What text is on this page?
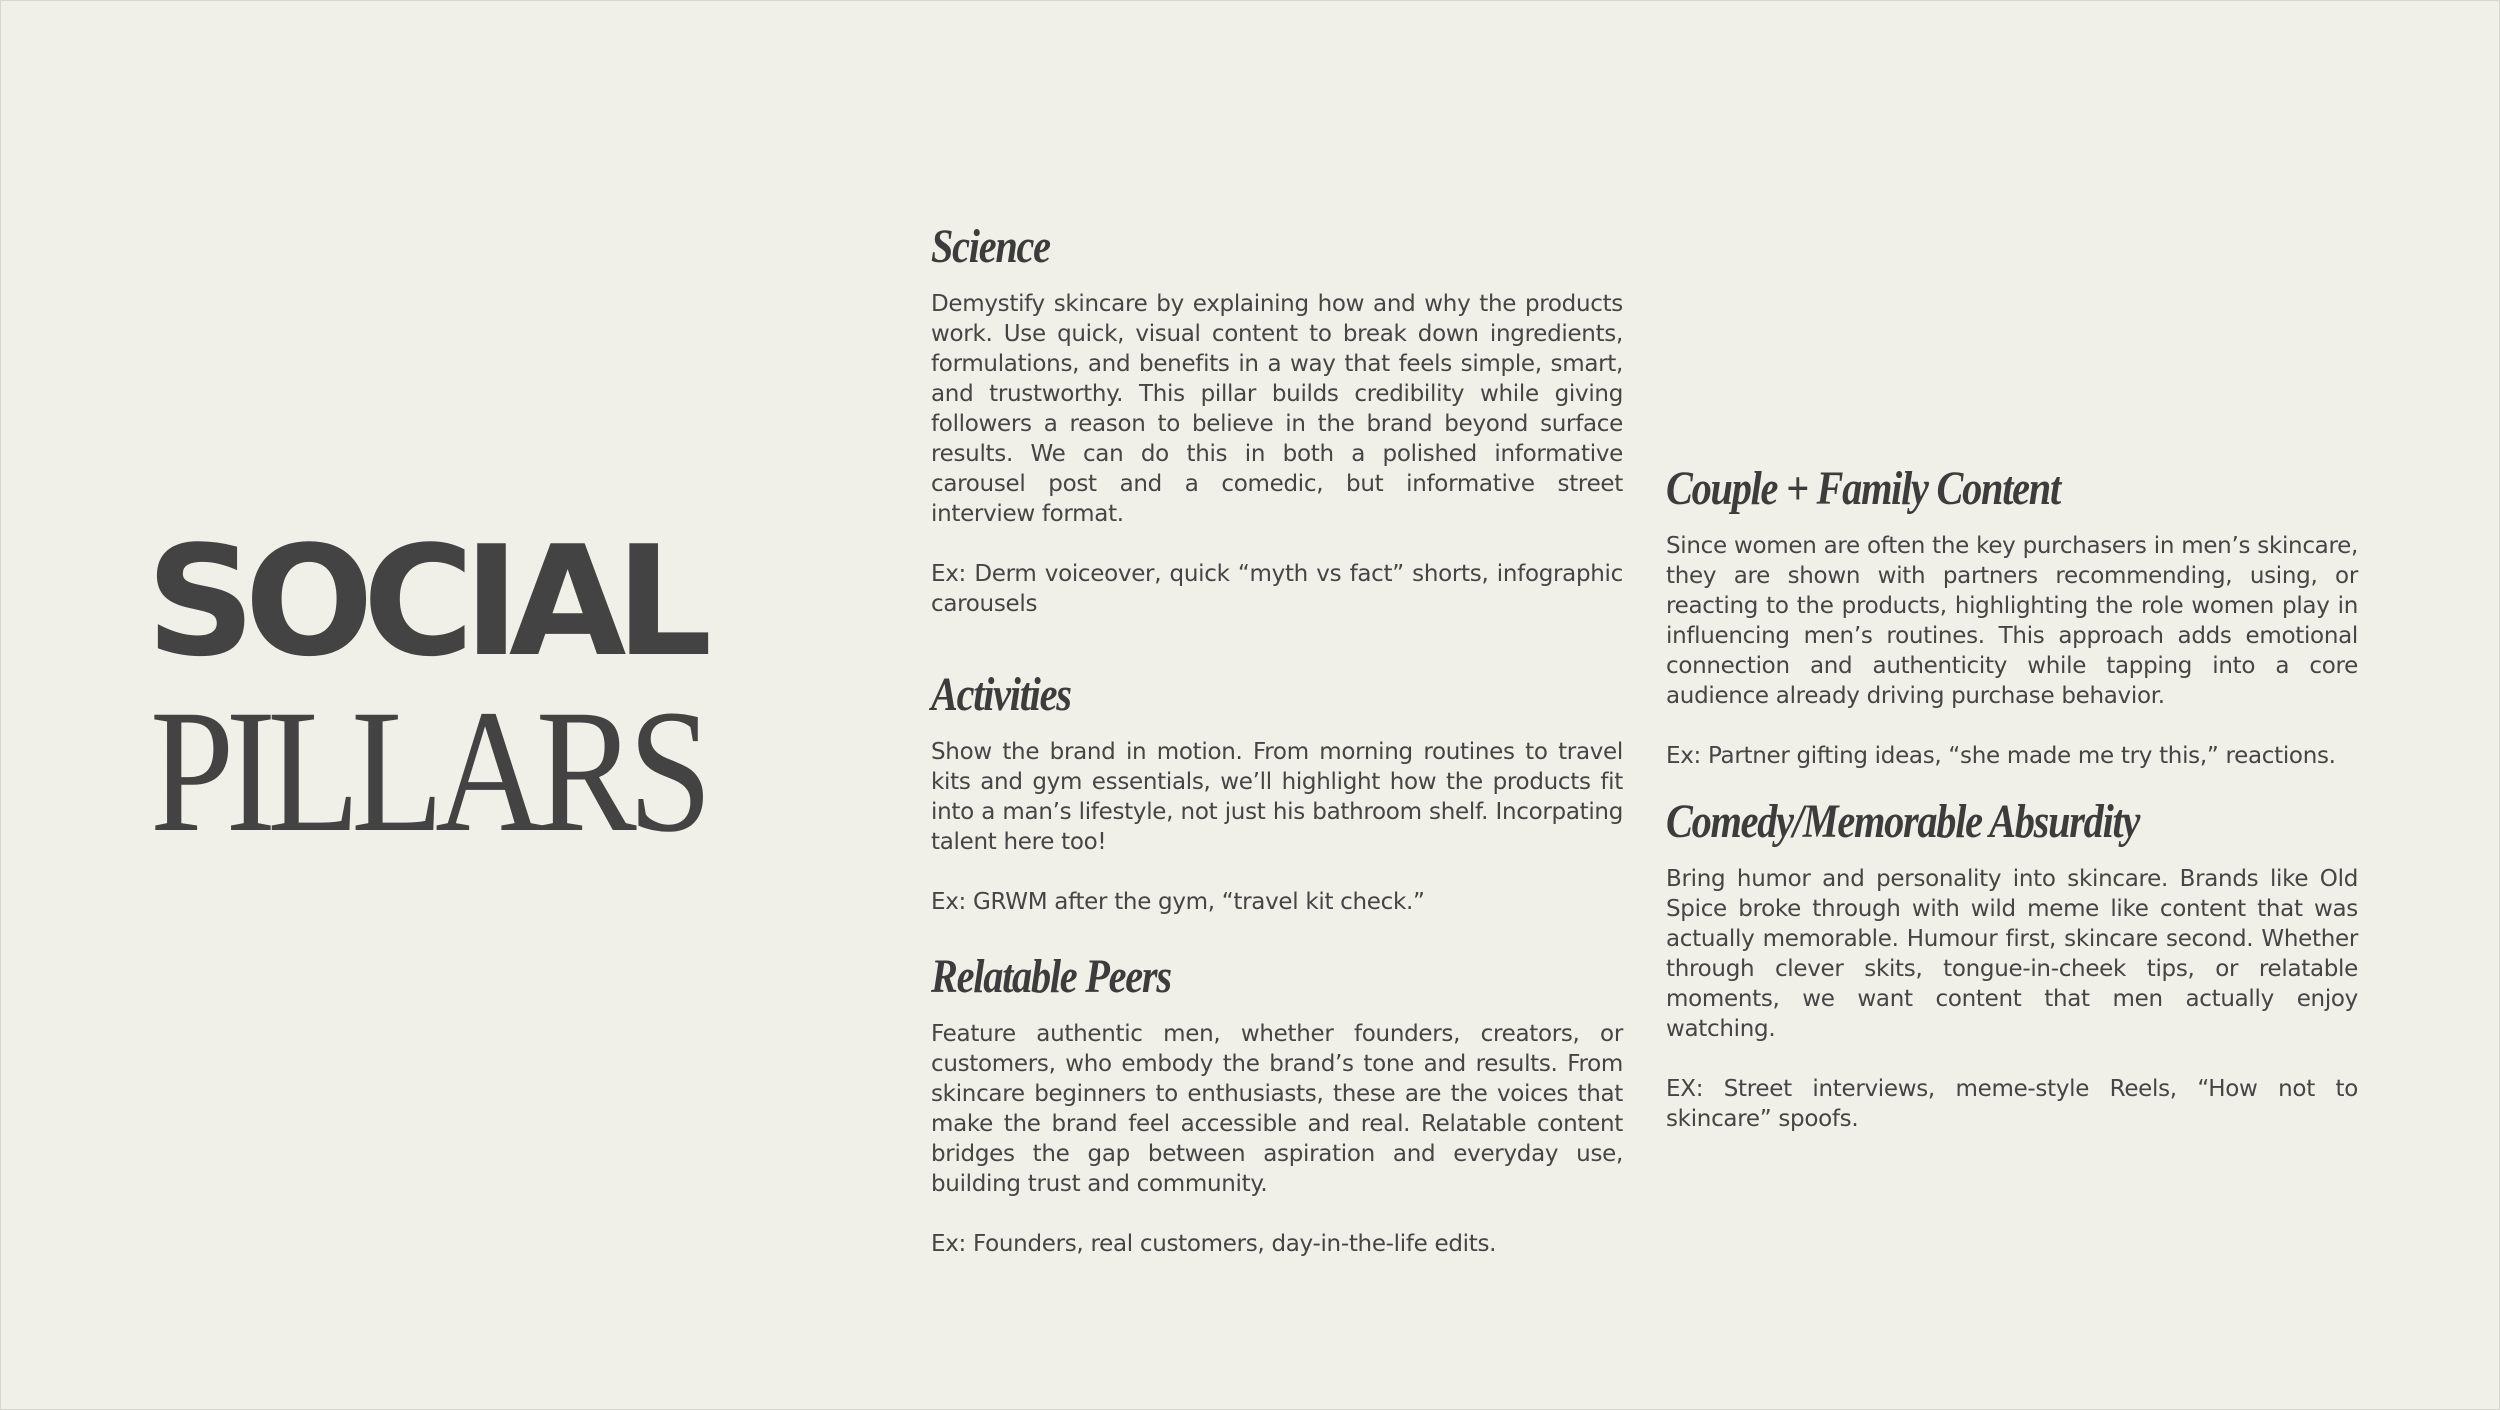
SOCIAL
PILLARS
Science

Demystify skincare by explaining how and why the products work. Use quick, visual content to break down ingredients, formulations, and benefits in a way that feels simple, smart, and trustworthy. This pillar builds credibility while giving followers a reason to believe in the brand beyond surface results. We can do this in both a polished informative carousel post and a comedic, but informative street interview format.

Ex: Derm voiceover, quick “myth vs fact” shorts, infographic carousels

Activities

Show the brand in motion. From morning routines to travel kits and gym essentials, we’ll highlight how the products fit into a man’s lifestyle, not just his bathroom shelf. Incorpating talent here too!

Ex: GRWM after the gym, “travel kit check.”

Relatable Peers

Feature authentic men, whether founders, creators, or customers, who embody the brand’s tone and results. From skincare beginners to enthusiasts, these are the voices that make the brand feel accessible and real. Relatable content bridges the gap between aspiration and everyday use, building trust and community.

Ex: Founders, real customers, day-in-the-life edits.

Couple + Family Content

Since women are often the key purchasers in men’s skincare, they are shown with partners recommending, using, or reacting to the products, highlighting the role women play in influencing men’s routines. This approach adds emotional connection and authenticity while tapping into a core audience already driving purchase behavior.

Ex: Partner gifting ideas, “she made me try this,” reactions.

Comedy/Memorable Absurdity

Bring humor and personality into skincare. Brands like Old Spice broke through with wild meme like content that was actually memorable. Humour first, skincare second. Whether through clever skits, tongue-in-cheek tips, or relatable moments, we want content that men actually enjoy watching.

EX: Street interviews, meme-style Reels, “How not to skincare” spoofs.
